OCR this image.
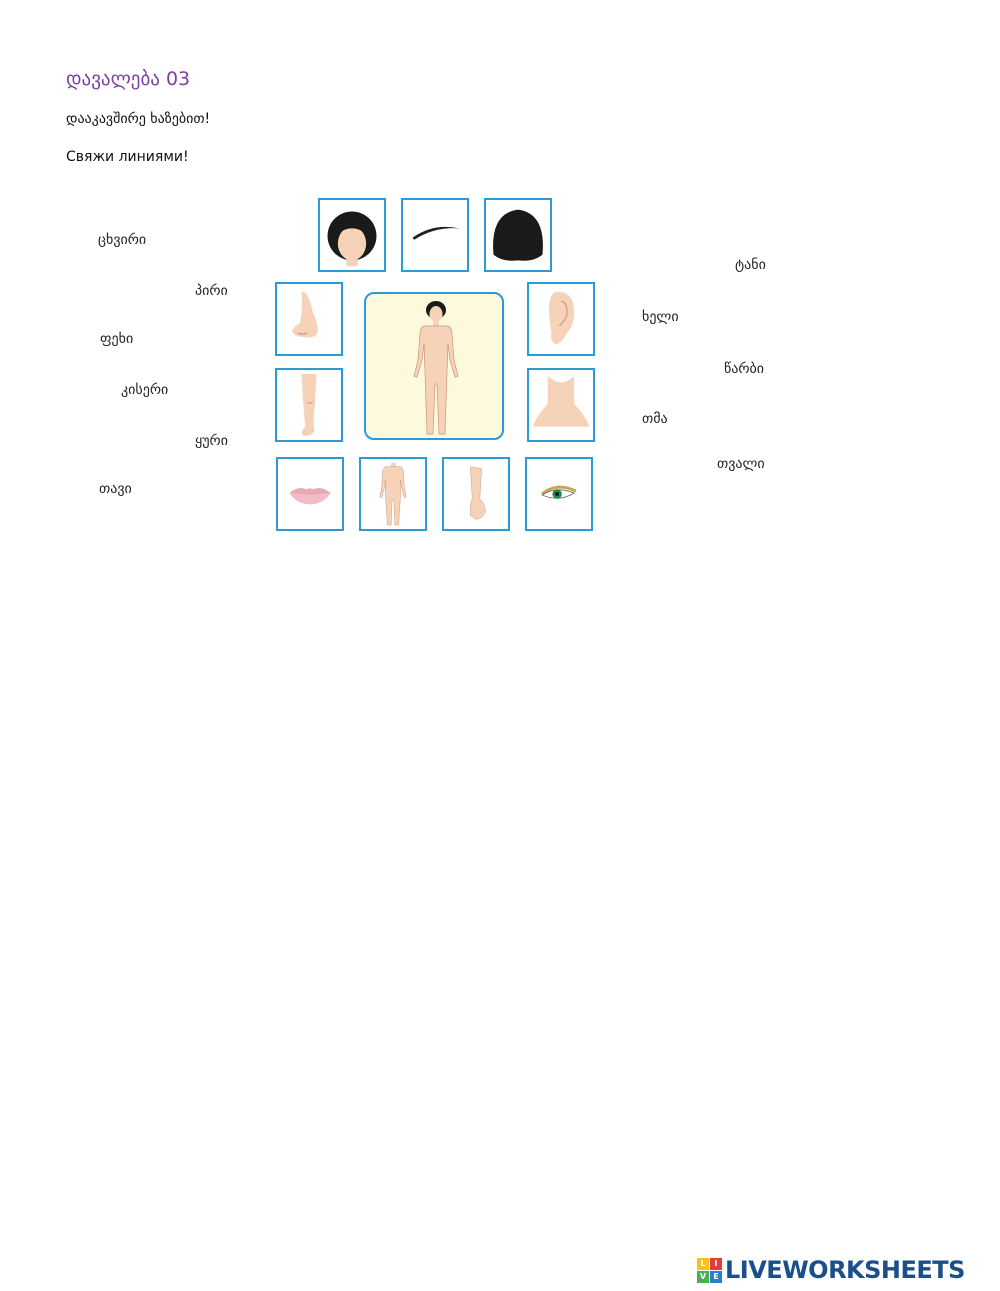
დავალება 03
დააკავშირე ხაზებით!
Свяжи линиями!
ცხვირი
პირი
ფეხი
კისერი
ყური
თავი
ტანი
ხელი
წარბი
თმა
თვალი
L	I
V E LIVEWORKSHEETS
